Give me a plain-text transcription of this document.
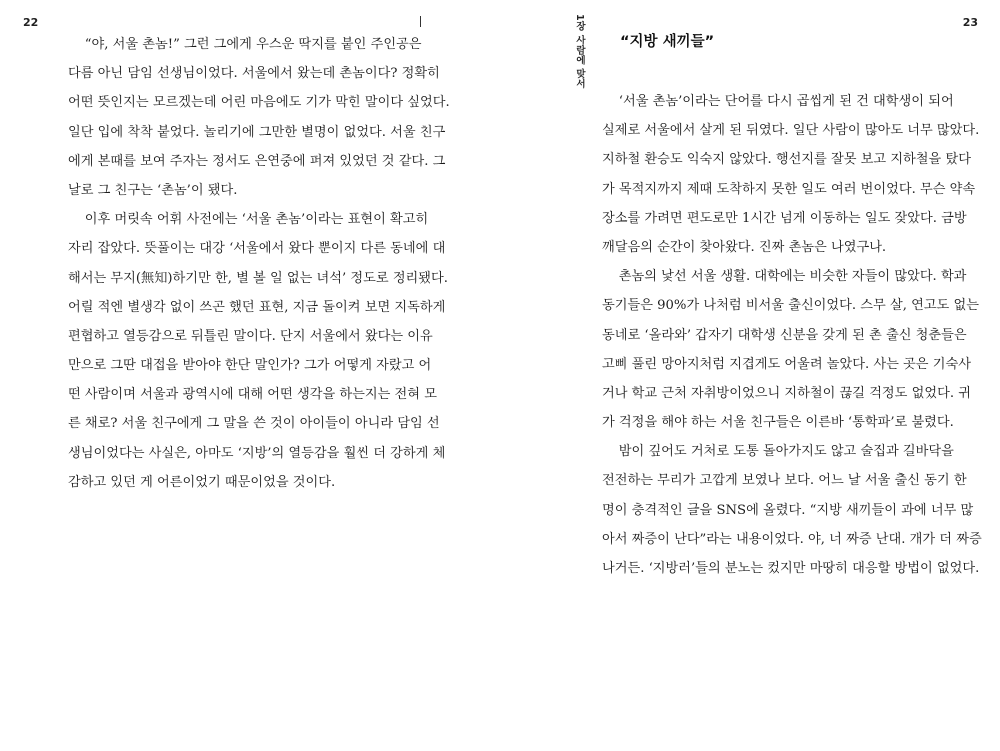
22
“야, 서울 촌놈!” 그런 그에게 우스운 딱지를 붙인 주인공은
다름 아닌 담임 선생님이었다. 서울에서 왔는데 촌놈이다? 정확히
어떤 뜻인지는 모르겠는데 어린 마음에도 기가 막힌 말이다 싶었다.
일단 입에 착착 붙었다. 놀리기에 그만한 별명이 없었다. 서울 친구
에게 본때를 보여 주자는 정서도 은연중에 퍼져 있었던 것 같다. 그
날로 그 친구는 ‘촌놈’이 됐다.
이후 머릿속 어휘 사전에는 ‘서울 촌놈’이라는 표현이 확고히
자리 잡았다. 뜻풀이는 대강 ‘서울에서 왔다 뿐이지 다른 동네에 대
해서는 무지(無知)하기만 한, 별 볼 일 없는 녀석’ 정도로 정리됐다.
어릴 적엔 별생각 없이 쓰곤 했던 표현, 지금 돌이켜 보면 지독하게
편협하고 열등감으로 뒤틀린 말이다. 단지 서울에서 왔다는 이유
만으로 그딴 대접을 받아야 한단 말인가? 그가 어떻게 자랐고 어
떤 사람이며 서울과 광역시에 대해 어떤 생각을 하는지는 전혀 모
른 채로? 서울 친구에게 그 말을 쓴 것이 아이들이 아니라 담임 선
생님이었다는 사실은, 아마도 ‘지방’의 열등감을 훨씬 더 강하게 체
감하고 있던 게 어른이었기 때문이었을 것이다.
1장 사람에 맞서	23
“지방 새끼들”
‘서울 촌놈’이라는 단어를 다시 곱씹게 된 건 대학생이 되어
실제로 서울에서 살게 된 뒤였다. 일단 사람이 많아도 너무 많았다.
지하철 환승도 익숙지 않았다. 행선지를 잘못 보고 지하철을 탔다
가 목적지까지 제때 도착하지 못한 일도 여러 번이었다. 무슨 약속
장소를 가려면 편도로만 1시간 넘게 이동하는 일도 잦았다. 금방
깨달음의 순간이 찾아왔다. 진짜 촌놈은 나였구나.
촌놈의 낯선 서울 생활. 대학에는 비슷한 자들이 많았다. 학과
동기들은 90%가 나처럼 비서울 출신이었다. 스무 살, 연고도 없는
동네로 ‘올라와’ 갑자기 대학생 신분을 갖게 된 촌 출신 청춘들은
고삐 풀린 망아지처럼 지겹게도 어울려 놀았다. 사는 곳은 기숙사
거나 학교 근처 자취방이었으니 지하철이 끊길 걱정도 없었다. 귀
가 걱정을 해야 하는 서울 친구들은 이른바 ‘통학파’로 불렸다.
밤이 깊어도 거처로 도통 돌아가지도 않고 술집과 길바닥을
전전하는 무리가 고깝게 보였나 보다. 어느 날 서울 출신 동기 한
명이 충격적인 글을 SNS에 올렸다. “지방 새끼들이 과에 너무 많
아서 짜증이 난다”라는 내용이었다. 야, 너 짜증 난대. 개가 더 짜증
나거든. ‘지방러’들의 분노는 컸지만 마땅히 대응할 방법이 없었다.
